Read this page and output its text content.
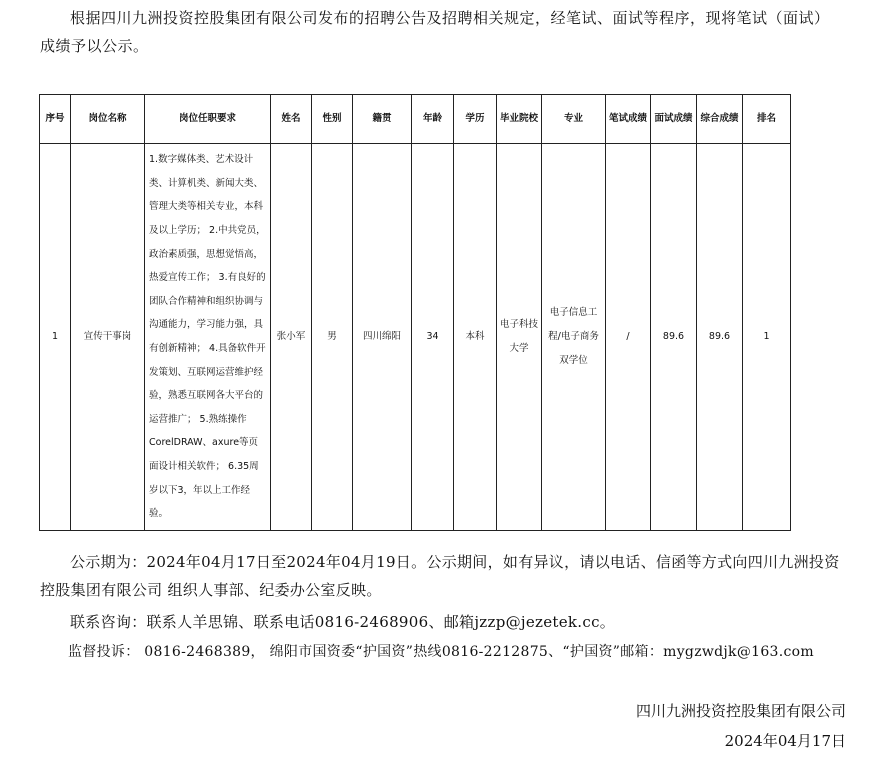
根据四川九洲投资控股集团有限公司发布的招聘公告及招聘相关规定，经笔试、面试等程序，现将笔试（面试）成绩予以公示。
序号	岗位名称	岗位任职要求	姓名	性别	籍贯	年龄	学历	毕业院校	专业	笔试成绩	面试成绩	综合成绩	排名
1	宣传干事岗	1.数字媒体类、艺术设计类、计算机类、新闻大类、管理大类等相关专业，本科及以上学历； 2.中共党员，政治素质强，思想觉悟高，热爱宣传工作； 3.有良好的团队合作精神和组织协调与沟通能力，学习能力强，具有创新精神； 4.具备软件开发策划、互联网运营维护经验，熟悉互联网各大平台的运营推广； 5.熟练操作CorelDRAW、axure等页面设计相关软件； 6.35周岁以下3，年以上工作经验。	张小军	男	四川绵阳	34	本科	电子科技大学	电子信息工程/电子商务双学位	/	89.6	89.6	1
公示期为：2024年04月17日至2024年04月19日。公示期间，如有异议，请以电话、信函等方式向四川九洲投资控股集团有限公司 组织人事部、纪委办公室反映。
联系咨询：联系人羊思锦、联系电话0816-2468906、邮箱jzzp@jezetek.cc。
监督投诉： 0816-2468389， 绵阳市国资委“护国资”热线0816-2212875、“护国资”邮箱：mygzwdjk@163.com
四川九洲投资控股集团有限公司
2024年04月17日
